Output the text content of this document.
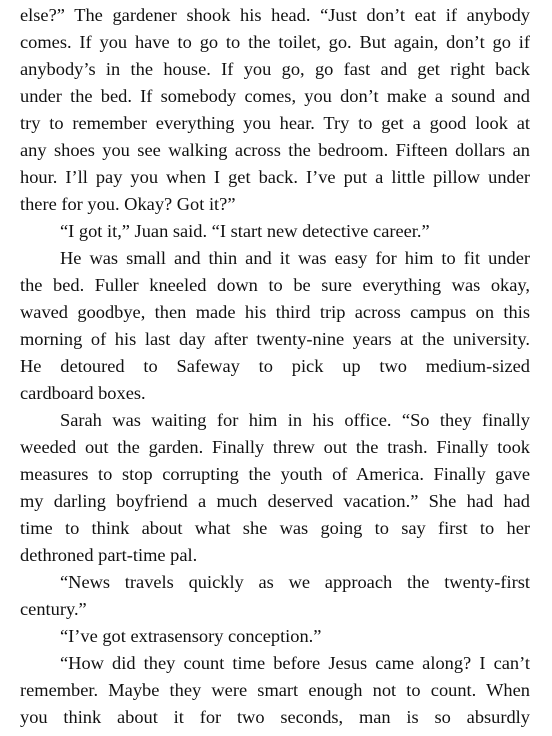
else?” The gardener shook his head. “Just don’t eat if anybody
comes. If you have to go to the toilet, go. But again, don’t go if
anybody’s in the house. If you go, go fast and get right back
under the bed. If somebody comes, you don’t make a sound and
try to remember everything you hear. Try to get a good look at
any shoes you see walking across the bedroom. Fifteen dollars an
hour. I’ll pay you when I get back. I’ve put a little pillow under
there for you. Okay? Got it?”
“I got it,” Juan said. “I start new detective career.”
He was small and thin and it was easy for him to fit under
the bed. Fuller kneeled down to be sure everything was okay,
waved goodbye, then made his third trip across campus on this
morning of his last day after twenty-nine years at the university.
He detoured to Safeway to pick up two medium-sized
cardboard boxes.
Sarah was waiting for him in his office. “So they finally
weeded out the garden. Finally threw out the trash. Finally took
measures to stop corrupting the youth of America. Finally gave
my darling boyfriend a much deserved vacation.” She had had
time to think about what she was going to say first to her
dethroned part-time pal.
“News travels quickly as we approach the twenty-first
century.”
“I’ve got extrasensory conception.”
“How did they count time before Jesus came along? I can’t
remember. Maybe they were smart enough not to count. When
you think about it for two seconds, man is so absurdly
